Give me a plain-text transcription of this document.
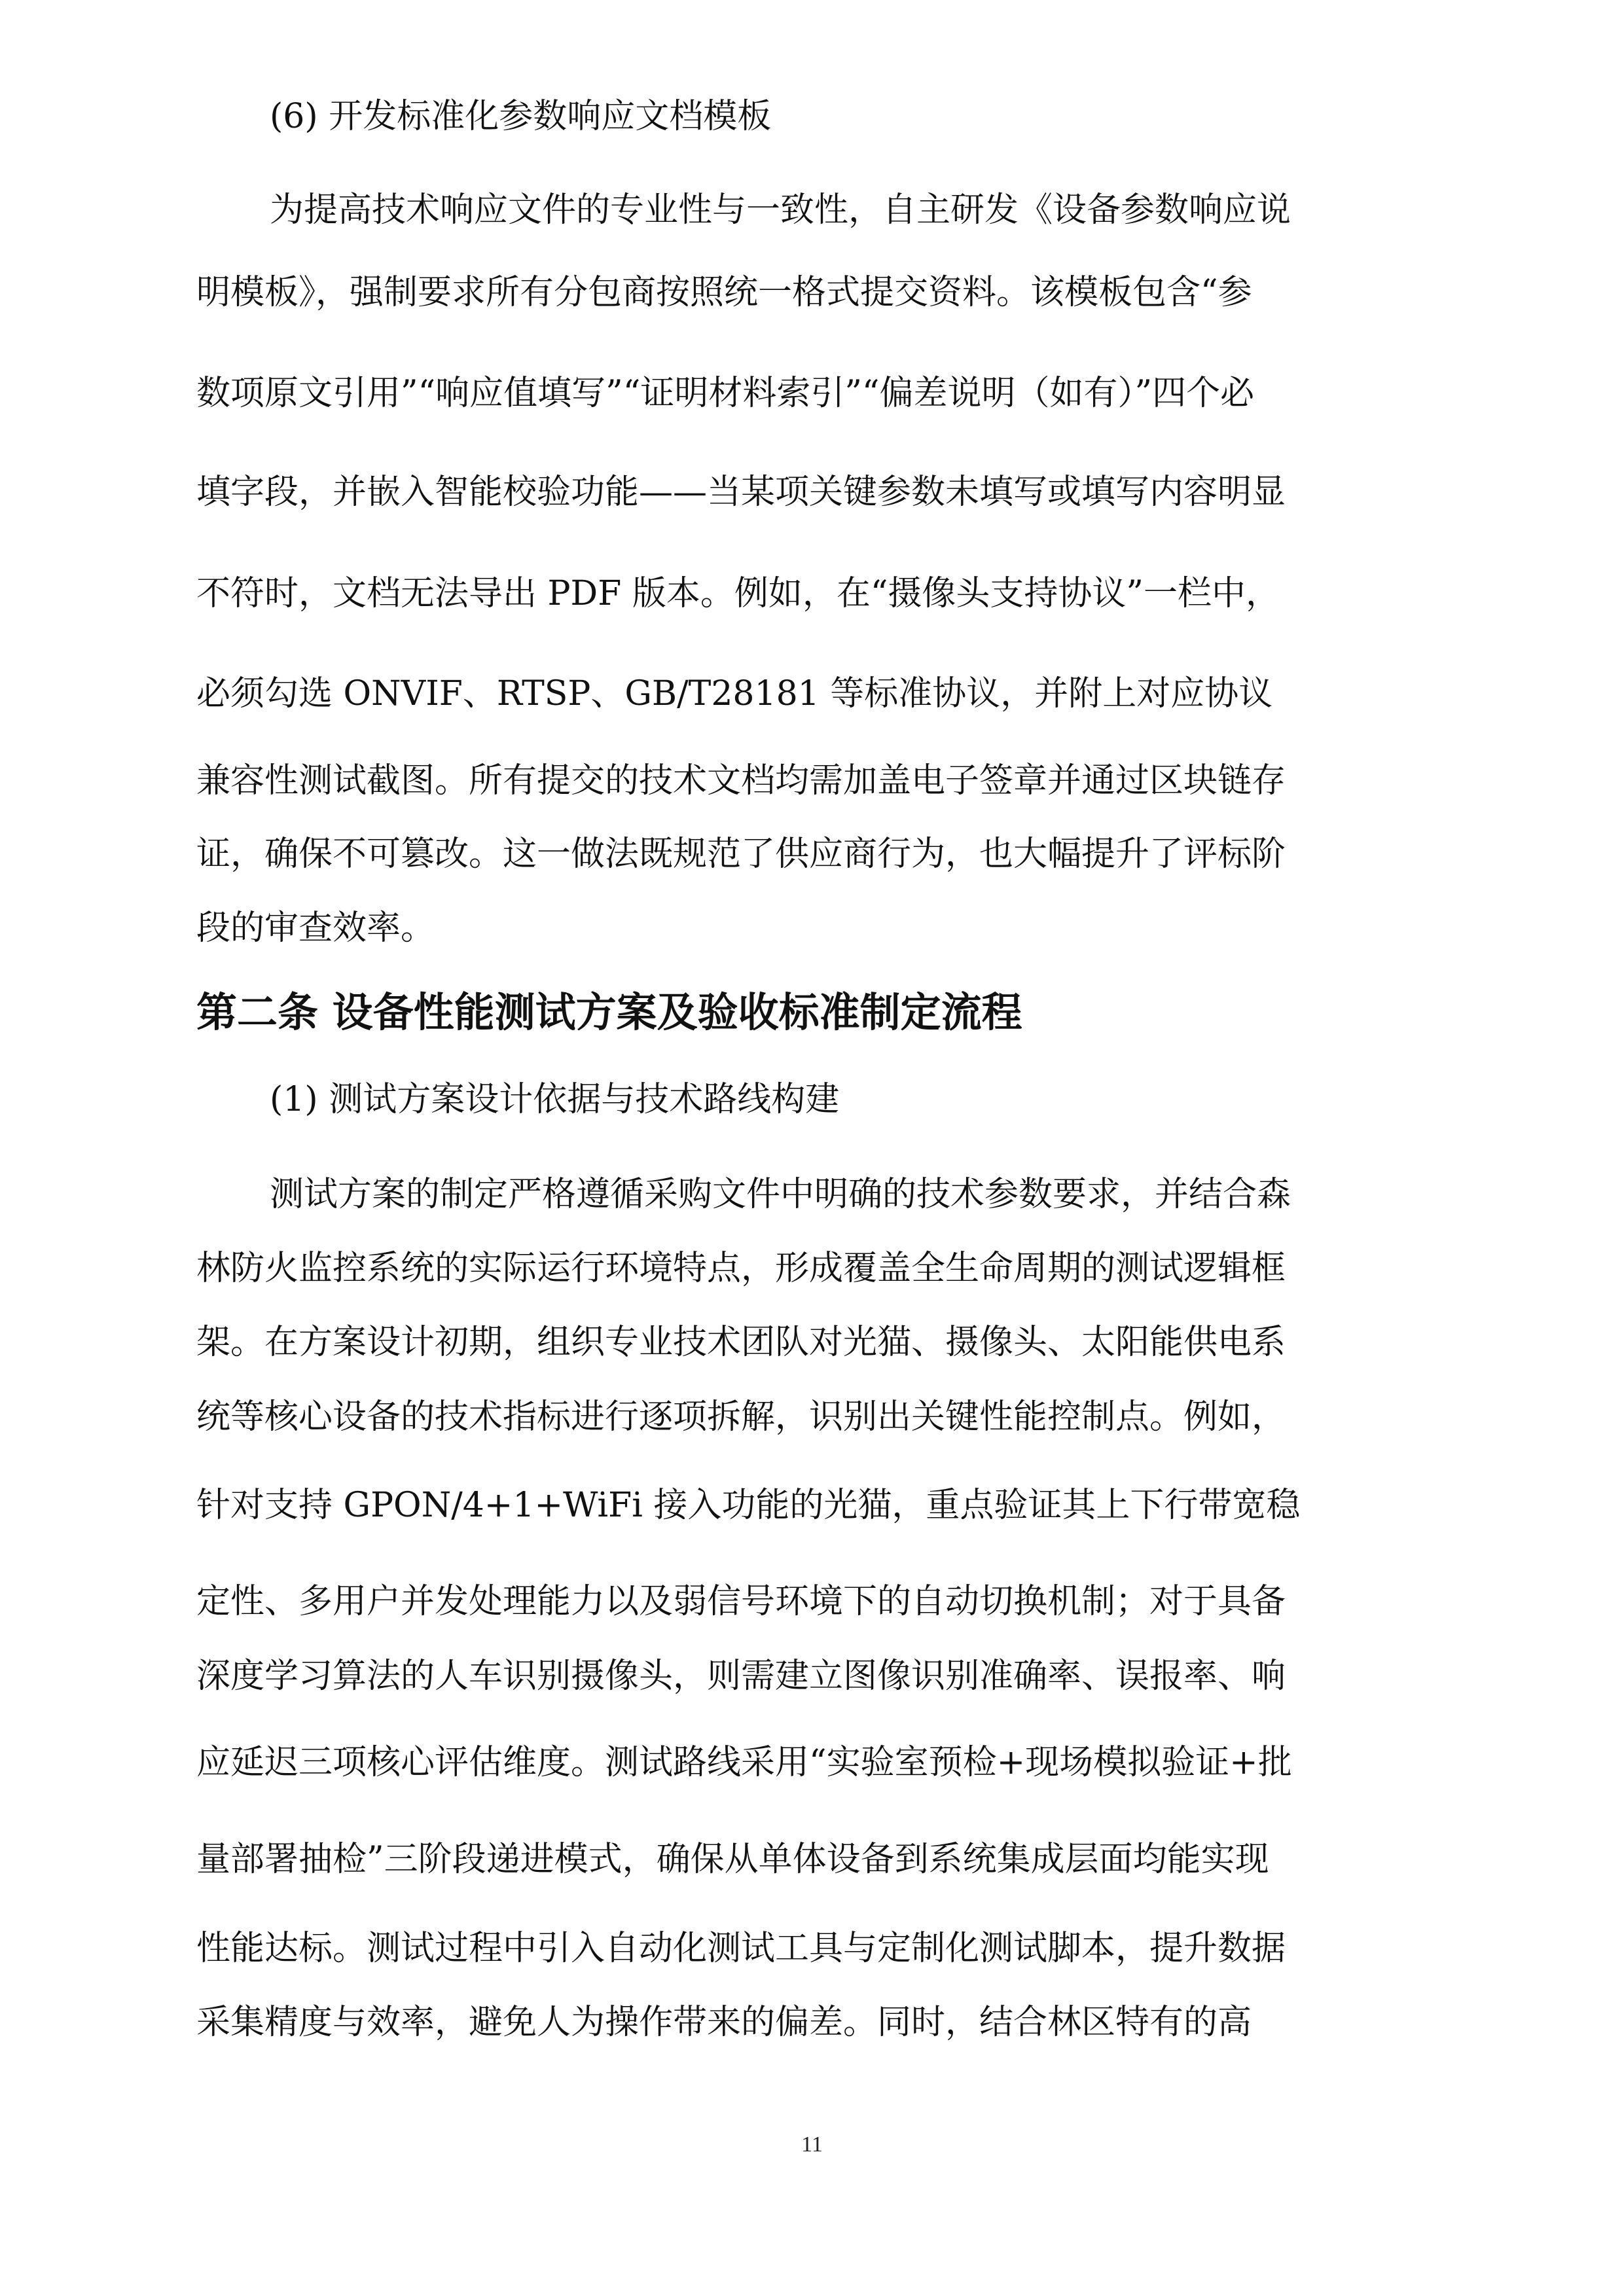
(6) 开发标准化参数响应文档模板
为提高技术响应文件的专业性与一致性，自主研发《设备参数响应说
明模板》，强制要求所有分包商按照统一格式提交资料。该模板包含“参
数项原文引用”“响应值填写”“证明材料索引”“偏差说明（如有）”四个必
填字段，并嵌入智能校验功能——当某项关键参数未填写或填写内容明显
不符时，文档无法导出 PDF 版本。例如，在“摄像头支持协议”一栏中，
必须勾选 ONVIF、RTSP、GB/T28181 等标准协议，并附上对应协议
兼容性测试截图。所有提交的技术文档均需加盖电子签章并通过区块链存
证，确保不可篡改。这一做法既规范了供应商行为，也大幅提升了评标阶
段的审查效率。
第二条 设备性能测试方案及验收标准制定流程
(1) 测试方案设计依据与技术路线构建
测试方案的制定严格遵循采购文件中明确的技术参数要求，并结合森
林防火监控系统的实际运行环境特点，形成覆盖全生命周期的测试逻辑框
架。在方案设计初期，组织专业技术团队对光猫、摄像头、太阳能供电系
统等核心设备的技术指标进行逐项拆解，识别出关键性能控制点。例如，
针对支持 GPON/4+1+WiFi 接入功能的光猫，重点验证其上下行带宽稳
定性、多用户并发处理能力以及弱信号环境下的自动切换机制；对于具备
深度学习算法的人车识别摄像头，则需建立图像识别准确率、误报率、响
应延迟三项核心评估维度。测试路线采用“实验室预检+现场模拟验证+批
量部署抽检”三阶段递进模式，确保从单体设备到系统集成层面均能实现
性能达标。测试过程中引入自动化测试工具与定制化测试脚本，提升数据
采集精度与效率，避免人为操作带来的偏差。同时，结合林区特有的高
11
